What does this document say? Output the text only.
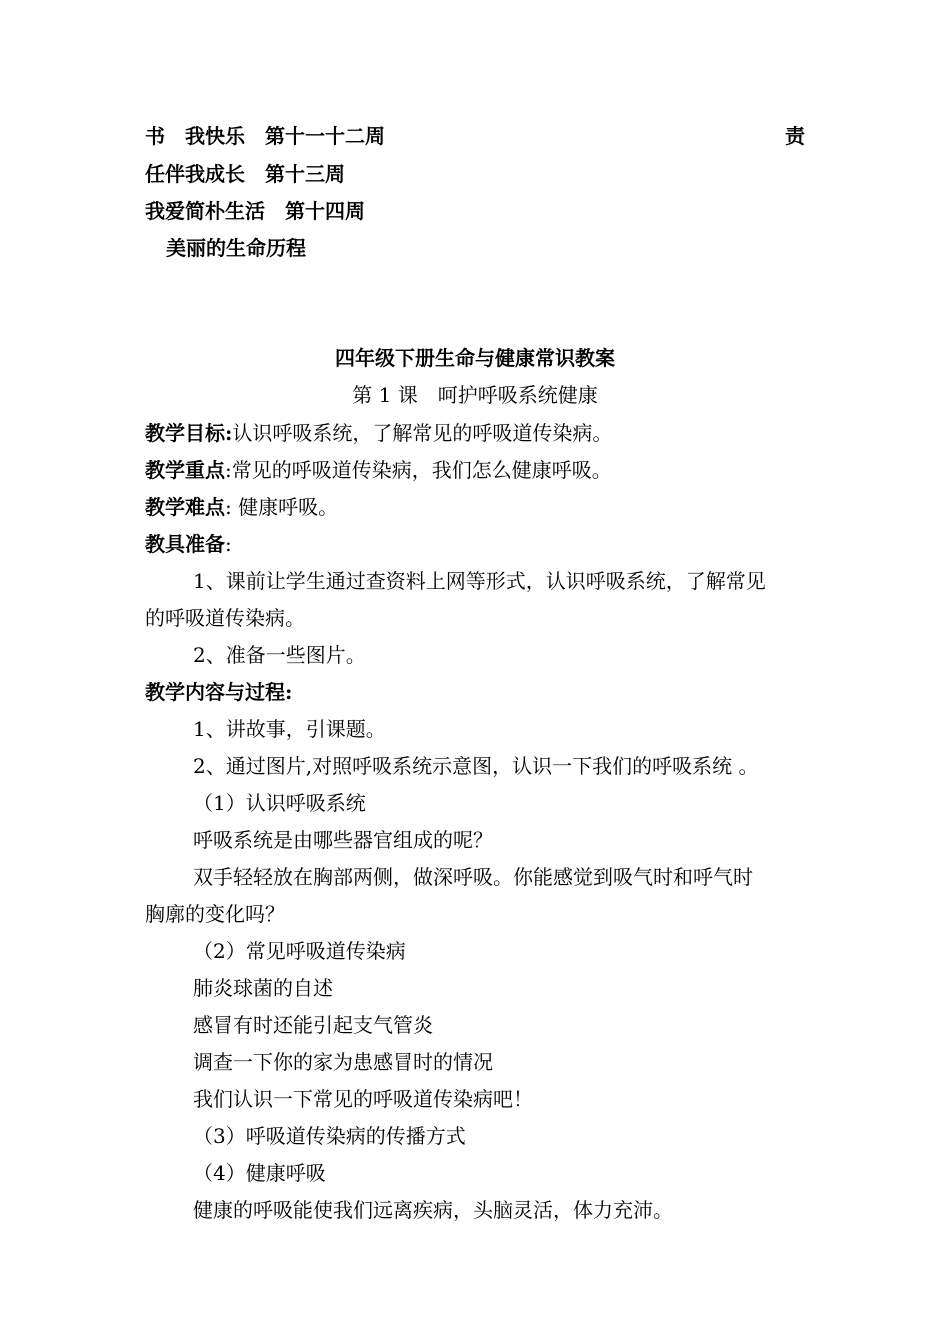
书　我快乐　第十一十二周	责
任伴我成长　第十三周
我爱简朴生活　第十四周
美丽的生命历程
四年级下册生命与健康常识教案
第 1 课　呵护呼吸系统健康
教学目标:认识呼吸系统，了解常见的呼吸道传染病。
教学重点:常见的呼吸道传染病，我们怎么健康呼吸。
教学难点: 健康呼吸。
教具准备:
1、课前让学生通过查资料上网等形式，认识呼吸系统，了解常见
的呼吸道传染病。
2、准备一些图片。
教学内容与过程:
1、讲故事，引课题。
2、通过图片,对照呼吸系统示意图，认识一下我们的呼吸系统 。
（1）认识呼吸系统
呼吸系统是由哪些器官组成的呢？
双手轻轻放在胸部两侧，做深呼吸。你能感觉到吸气时和呼气时
胸廓的变化吗？
（2）常见呼吸道传染病
肺炎球菌的自述
感冒有时还能引起支气管炎
调查一下你的家为患感冒时的情况
我们认识一下常见的呼吸道传染病吧！
（3）呼吸道传染病的传播方式
（4）健康呼吸
健康的呼吸能使我们远离疾病，头脑灵活，体力充沛。
